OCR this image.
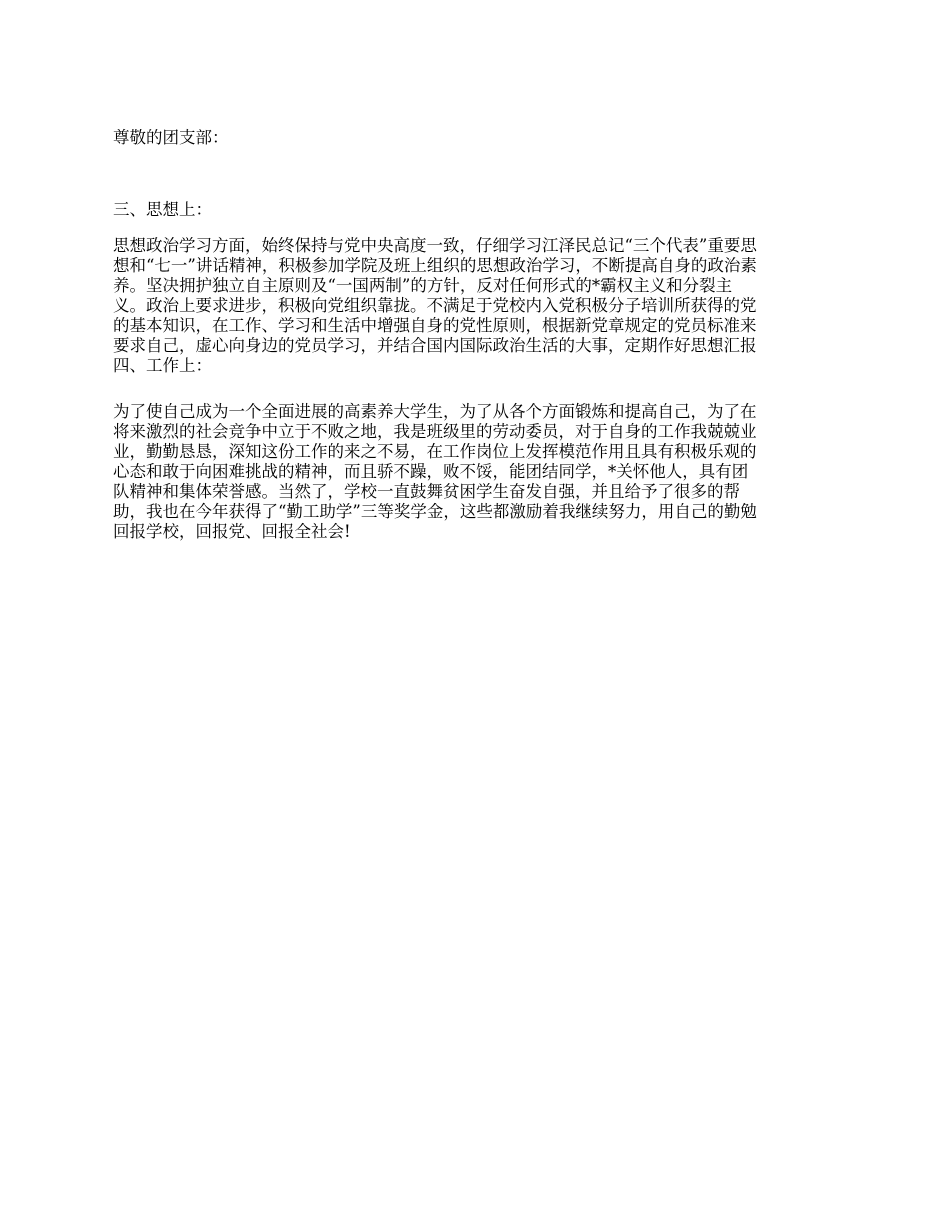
尊敬的团支部：
三、思想上：
思想政治学习方面，始终保持与党中央高度一致，仔细学习江泽民总记“三个代表”重要思
想和“七一”讲话精神，积极参加学院及班上组织的思想政治学习，不断提高自身的政治素
养。坚决拥护独立自主原则及“一国两制”的方针，反对任何形式的*霸权主义和分裂主
义。政治上要求进步，积极向党组织靠拢。不满足于党校内入党积极分子培训所获得的党
的基本知识，在工作、学习和生活中增强自身的党性原则，根据新党章规定的党员标准来
要求自己，虚心向身边的党员学习，并结合国内国际政治生活的大事，定期作好思想汇报
四、工作上：
为了使自己成为一个全面进展的高素养大学生，为了从各个方面锻炼和提高自己，为了在
将来激烈的社会竞争中立于不败之地，我是班级里的劳动委员，对于自身的工作我兢兢业
业，勤勤恳恳，深知这份工作的来之不易，在工作岗位上发挥模范作用且具有积极乐观的
心态和敢于向困难挑战的精神，而且骄不躁，败不馁，能团结同学，*关怀他人，具有团
队精神和集体荣誉感。当然了，学校一直鼓舞贫困学生奋发自强，并且给予了很多的帮
助，我也在今年获得了“勤工助学”三等奖学金，这些都激励着我继续努力，用自己的勤勉
回报学校，回报党、回报全社会!
